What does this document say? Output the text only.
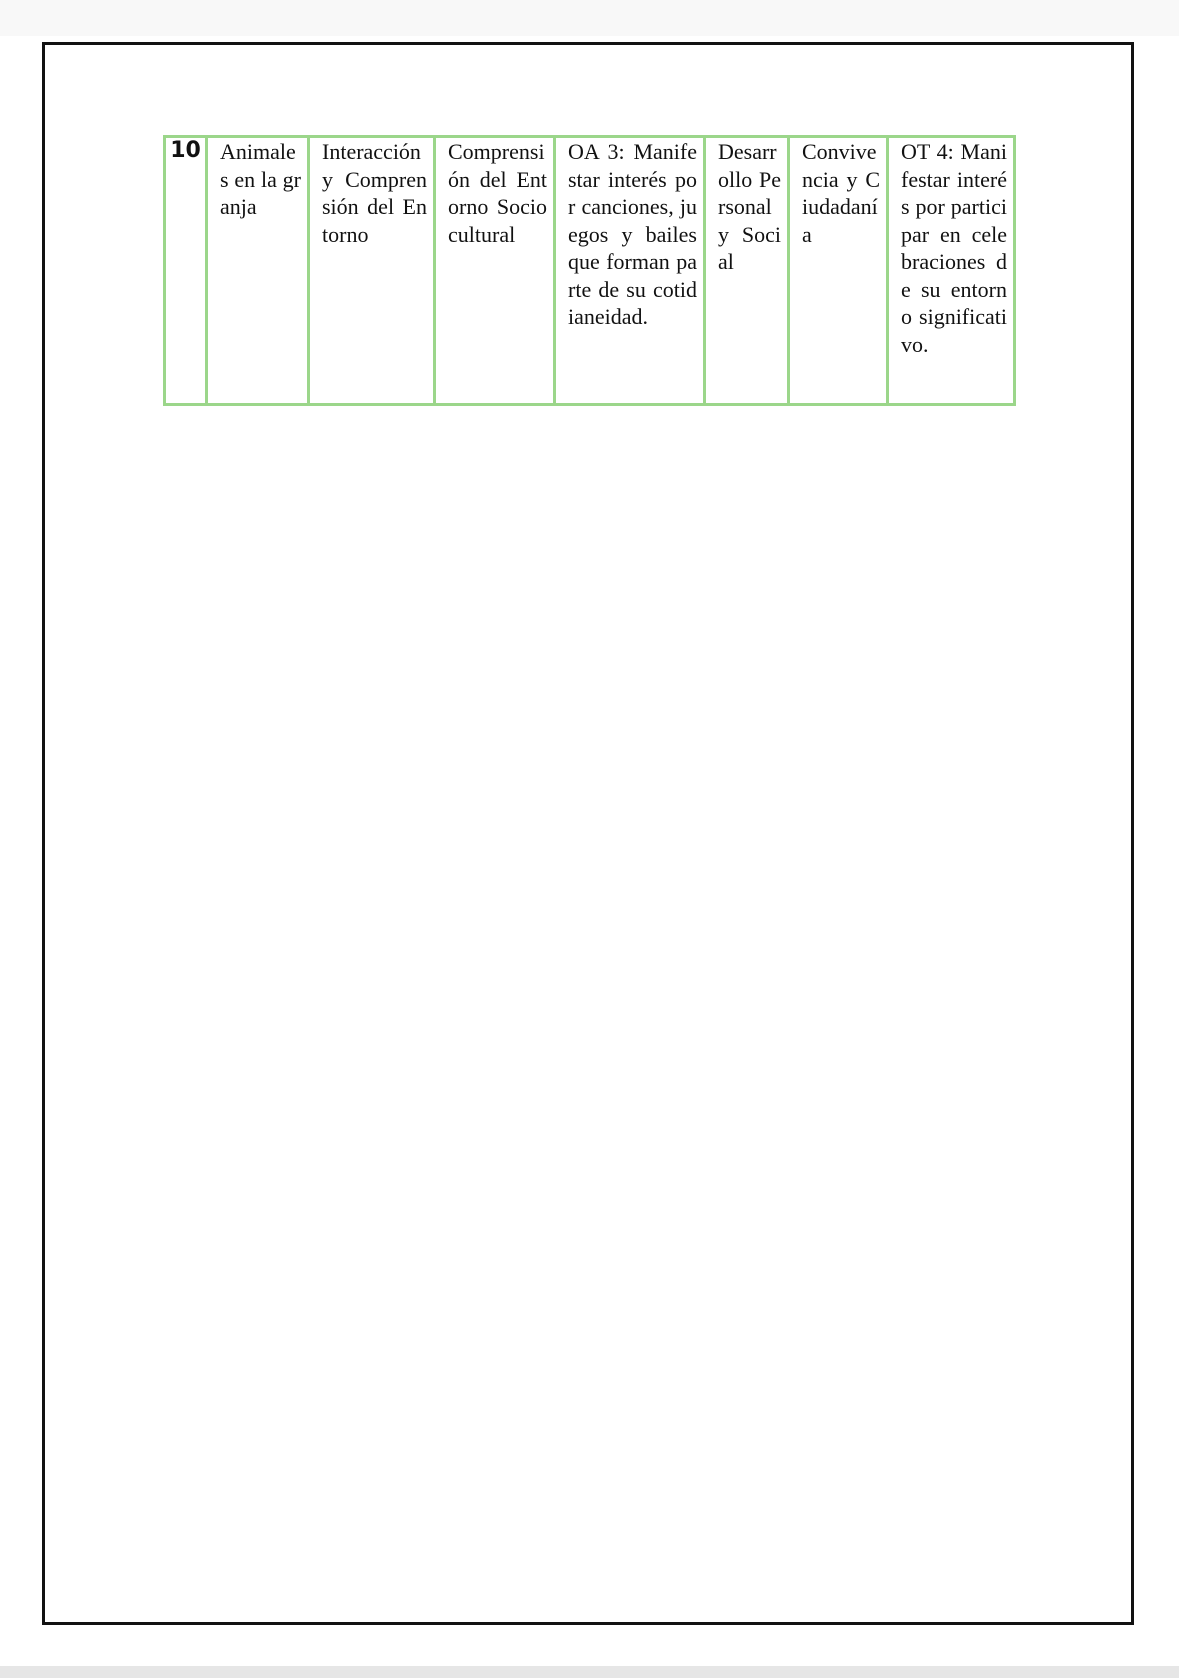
10	Animales en la granja	Interacción y Comprensión del Entorno	Comprensión del Entorno Sociocultural	OA 3: Manifestar interés por canciones, juegos y bailes que forman parte de su cotidianeidad.	Desarrollo Personal y Social	Convivencia y Ciudadanía	OT 4: Manifestar interés por participar en celebraciones de su entorno significativo.
